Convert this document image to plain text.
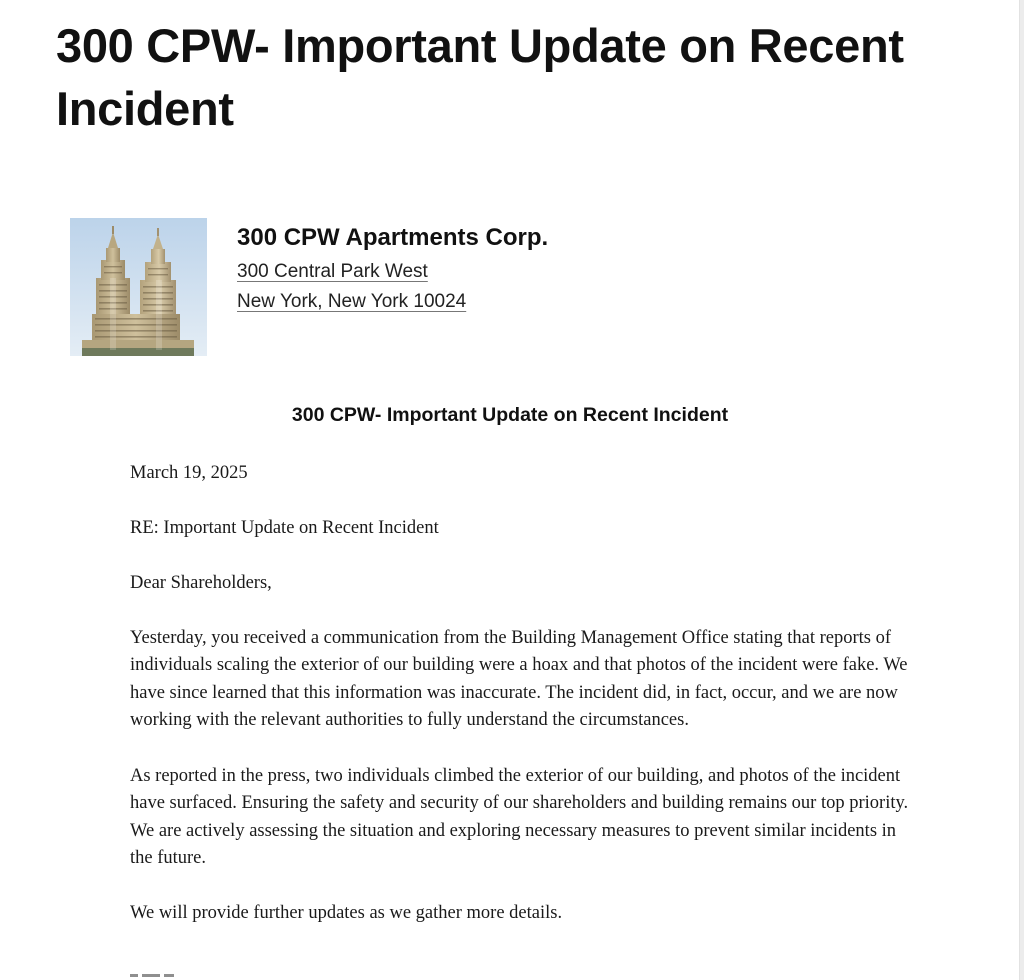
300 CPW- Important Update on Recent Incident
300 CPW Apartments Corp.
300 Central Park West
New York, New York 10024
300 CPW- Important Update on Recent Incident

March 19, 2025

RE: Important Update on Recent Incident

Dear Shareholders,

Yesterday, you received a communication from the Building Management Office stating that reports of individuals scaling the exterior of our building were a hoax and that photos of the incident were fake. We have since learned that this information was inaccurate. The incident did, in fact, occur, and we are now working with the relevant authorities to fully understand the circumstances.

As reported in the press, two individuals climbed the exterior of our building, and photos of the incident have surfaced. Ensuring the safety and security of our shareholders and building remains our top priority. We are actively assessing the situation and exploring necessary measures to prevent similar incidents in the future.

We will provide further updates as we gather more details.
